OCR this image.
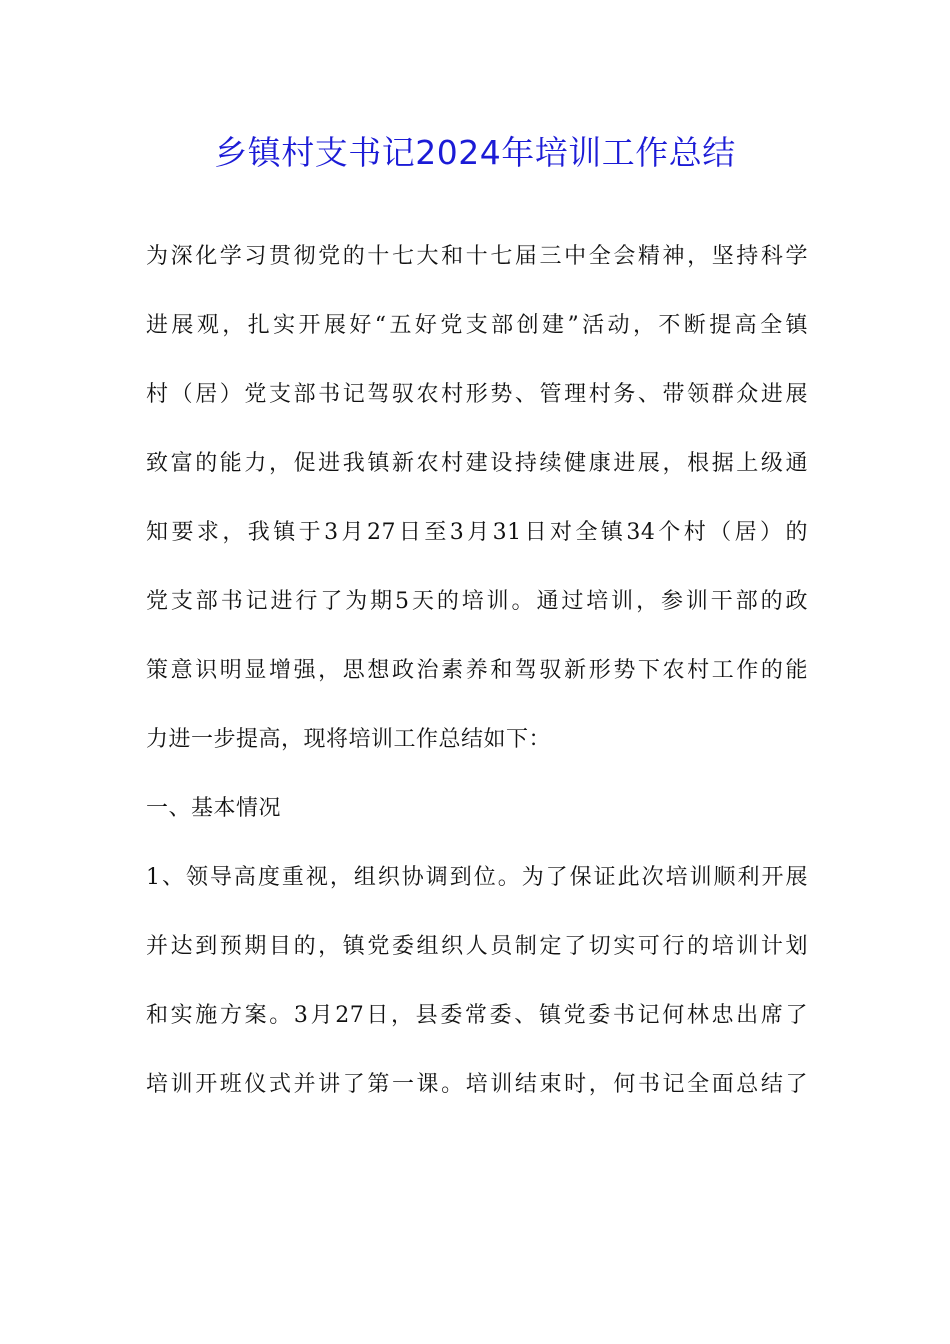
乡镇村支书记2024年培训工作总结
为深化学习贯彻党的十七大和十七届三中全会精神，坚持科学
进展观，扎实开展好“五好党支部创建”活动，不断提高全镇
村（居）党支部书记驾驭农村形势、管理村务、带领群众进展
致富的能力，促进我镇新农村建设持续健康进展，根据上级通
知要求，我镇于3月27日至3月31日对全镇34个村（居）的
党支部书记进行了为期5天的培训。通过培训，参训干部的政
策意识明显增强，思想政治素养和驾驭新形势下农村工作的能
力进一步提高，现将培训工作总结如下：
一、基本情况
1、领导高度重视，组织协调到位。为了保证此次培训顺利开展
并达到预期目的，镇党委组织人员制定了切实可行的培训计划
和实施方案。3月27日，县委常委、镇党委书记何林忠出席了
培训开班仪式并讲了第一课。培训结束时，何书记全面总结了
